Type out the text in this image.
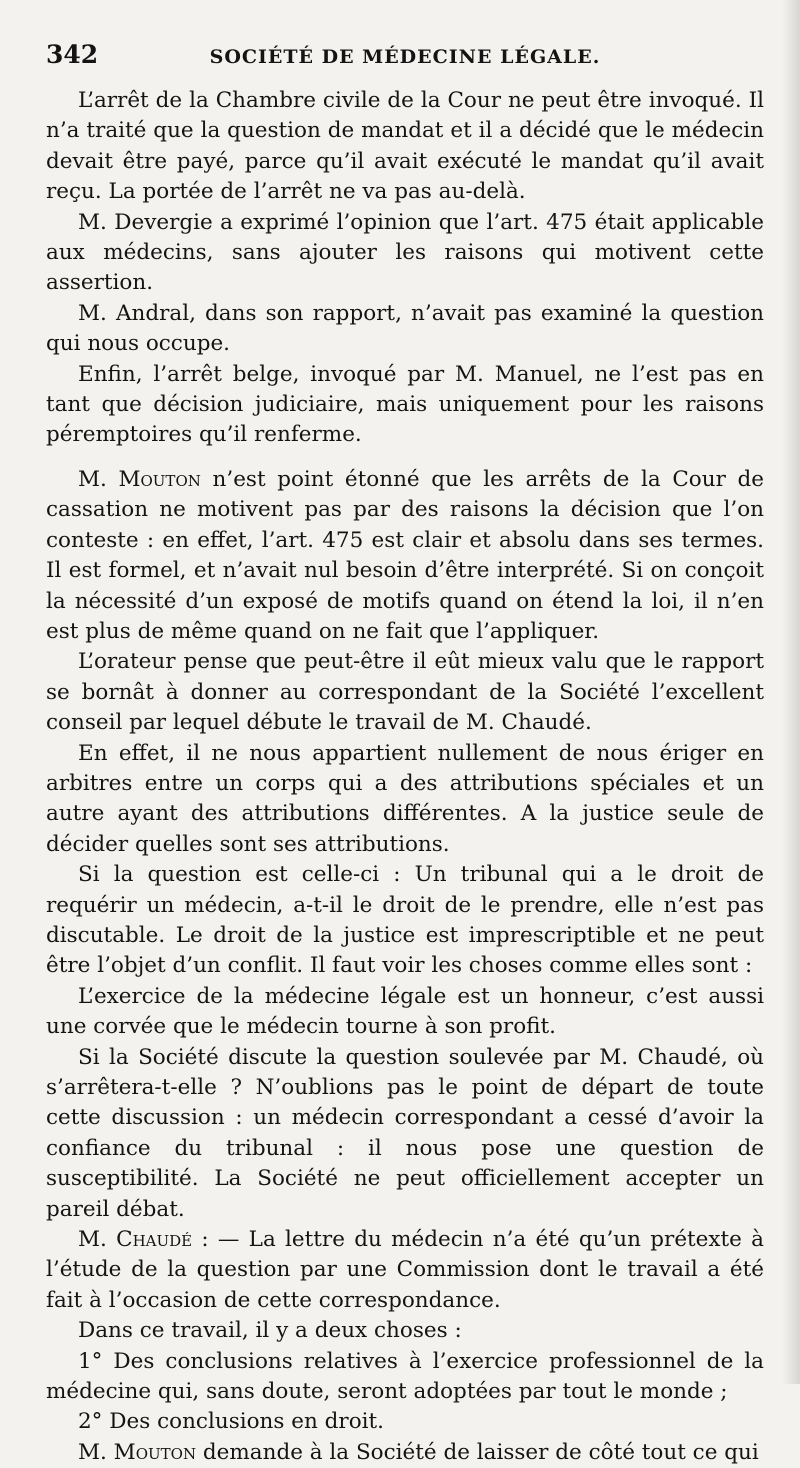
342	SOCIÉTÉ DE MÉDECINE LÉGALE.

L’arrêt de la Chambre civile de la Cour ne peut être invoqué. Il n’a traité que la question de mandat et il a décidé que le médecin devait être payé, parce qu’il avait exécuté le mandat qu’il avait reçu. La portée de l’arrêt ne va pas au-delà.

M. Devergie a exprimé l’opinion que l’art. 475 était applicable aux médecins, sans ajouter les raisons qui motivent cette assertion.

M. Andral, dans son rapport, n’avait pas examiné la question qui nous occupe.

Enfin, l’arrêt belge, invoqué par M. Manuel, ne l’est pas en tant que décision judiciaire, mais uniquement pour les raisons péremptoires qu’il renferme.

M. Mouton n’est point étonné que les arrêts de la Cour de cassation ne motivent pas par des raisons la décision que l’on conteste : en effet, l’art. 475 est clair et absolu dans ses termes. Il est formel, et n’avait nul besoin d’être interprété. Si on conçoit la nécessité d’un exposé de motifs quand on étend la loi, il n’en est plus de même quand on ne fait que l’appliquer.

L’orateur pense que peut-être il eût mieux valu que le rapport se bornât à donner au correspondant de la Société l’excellent conseil par lequel débute le travail de M. Chaudé.

En effet, il ne nous appartient nullement de nous ériger en arbitres entre un corps qui a des attributions spéciales et un autre ayant des attributions différentes. A la justice seule de décider quelles sont ses attributions.

Si la question est celle-ci : Un tribunal qui a le droit de requérir un médecin, a-t-il le droit de le prendre, elle n’est pas discutable. Le droit de la justice est imprescriptible et ne peut être l’objet d’un conflit. Il faut voir les choses comme elles sont :

L’exercice de la médecine légale est un honneur, c’est aussi une corvée que le médecin tourne à son profit.

Si la Société discute la question soulevée par M. Chaudé, où s’arrêtera-t-elle ? N’oublions pas le point de départ de toute cette discussion : un médecin correspondant a cessé d’avoir la confiance du tribunal : il nous pose une question de susceptibilité. La Société ne peut officiellement accepter un pareil débat.

M. Chaudé : — La lettre du médecin n’a été qu’un prétexte à l’étude de la question par une Commission dont le travail a été fait à l’occasion de cette correspondance.

Dans ce travail, il y a deux choses :

1° Des conclusions relatives à l’exercice professionnel de la médecine qui, sans doute, seront adoptées par tout le monde ;

2° Des conclusions en droit.

M. Mouton demande à la Société de laisser de côté tout ce qui
